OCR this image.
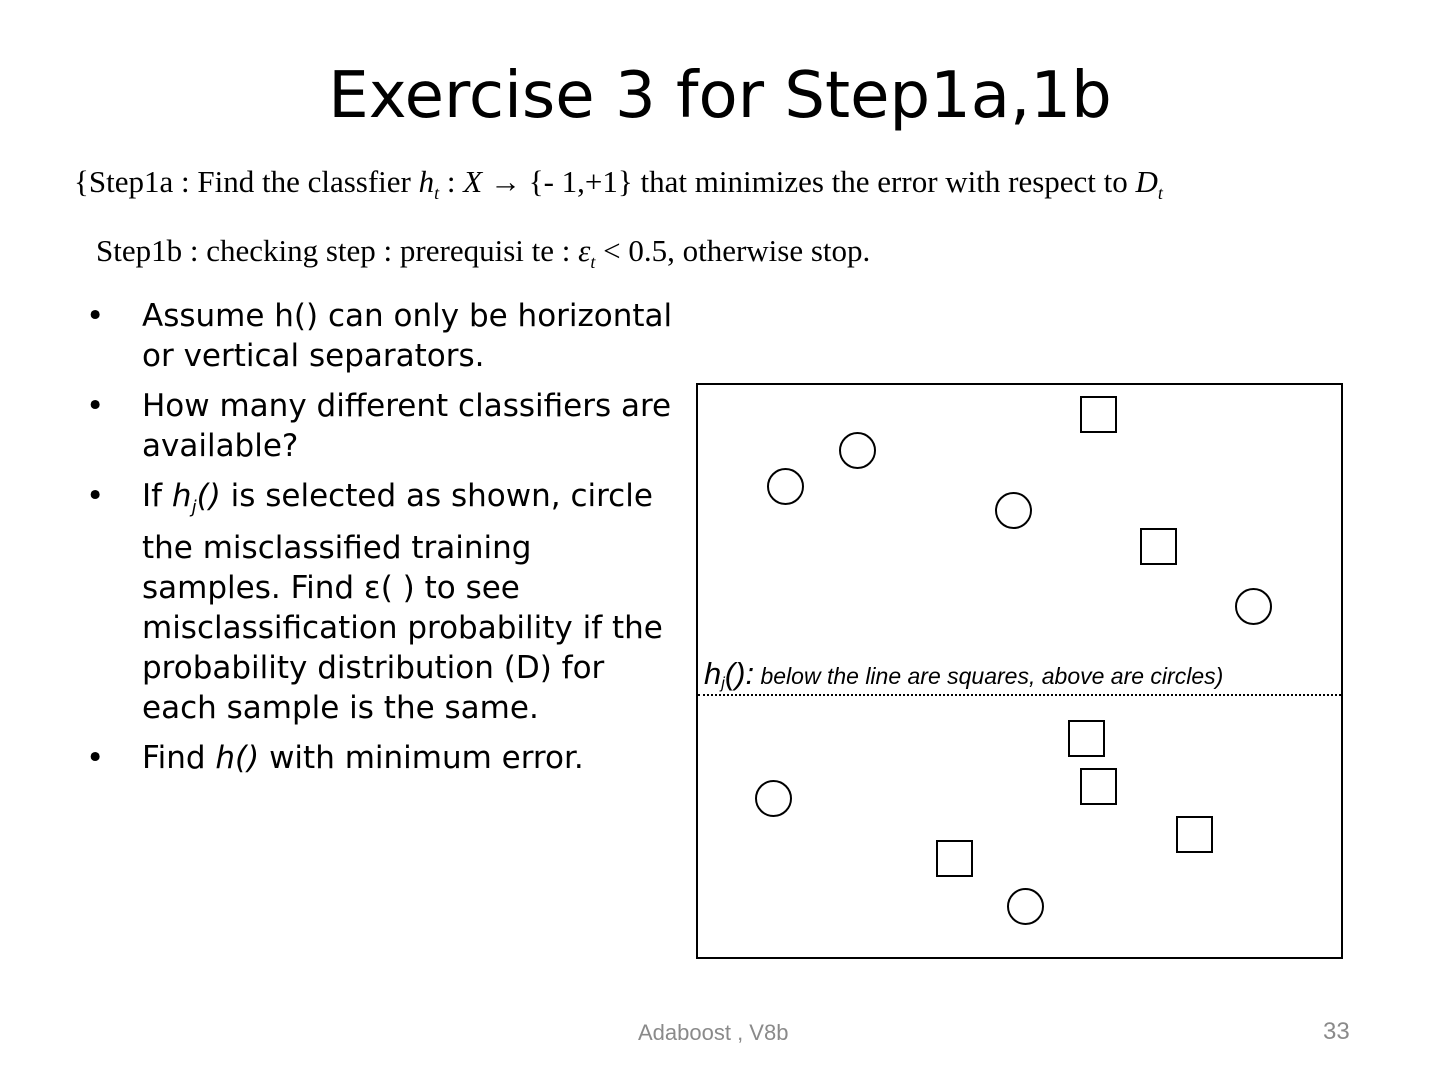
Exercise 3 for Step1a,1b
{Step1a : Find the classfier $h_t$ : X → {- 1,+1} that minimizes the error with respect to $D_t$
Step1b : checking step : prerequisi te : $\varepsilon_t < 0.5$, otherwise stop.
• Assume h() can only be horizontal or vertical separators.
• How many different classifiers are available?
• If $h_j()$ is selected as shown, circle the misclassified training samples. Find ε( ) to see misclassification probability if the probability distribution (D) for each sample is the same.
• Find h() with minimum error.
$h_j()$: below the line are squares, above are circles)
Adaboost , V8b	33
